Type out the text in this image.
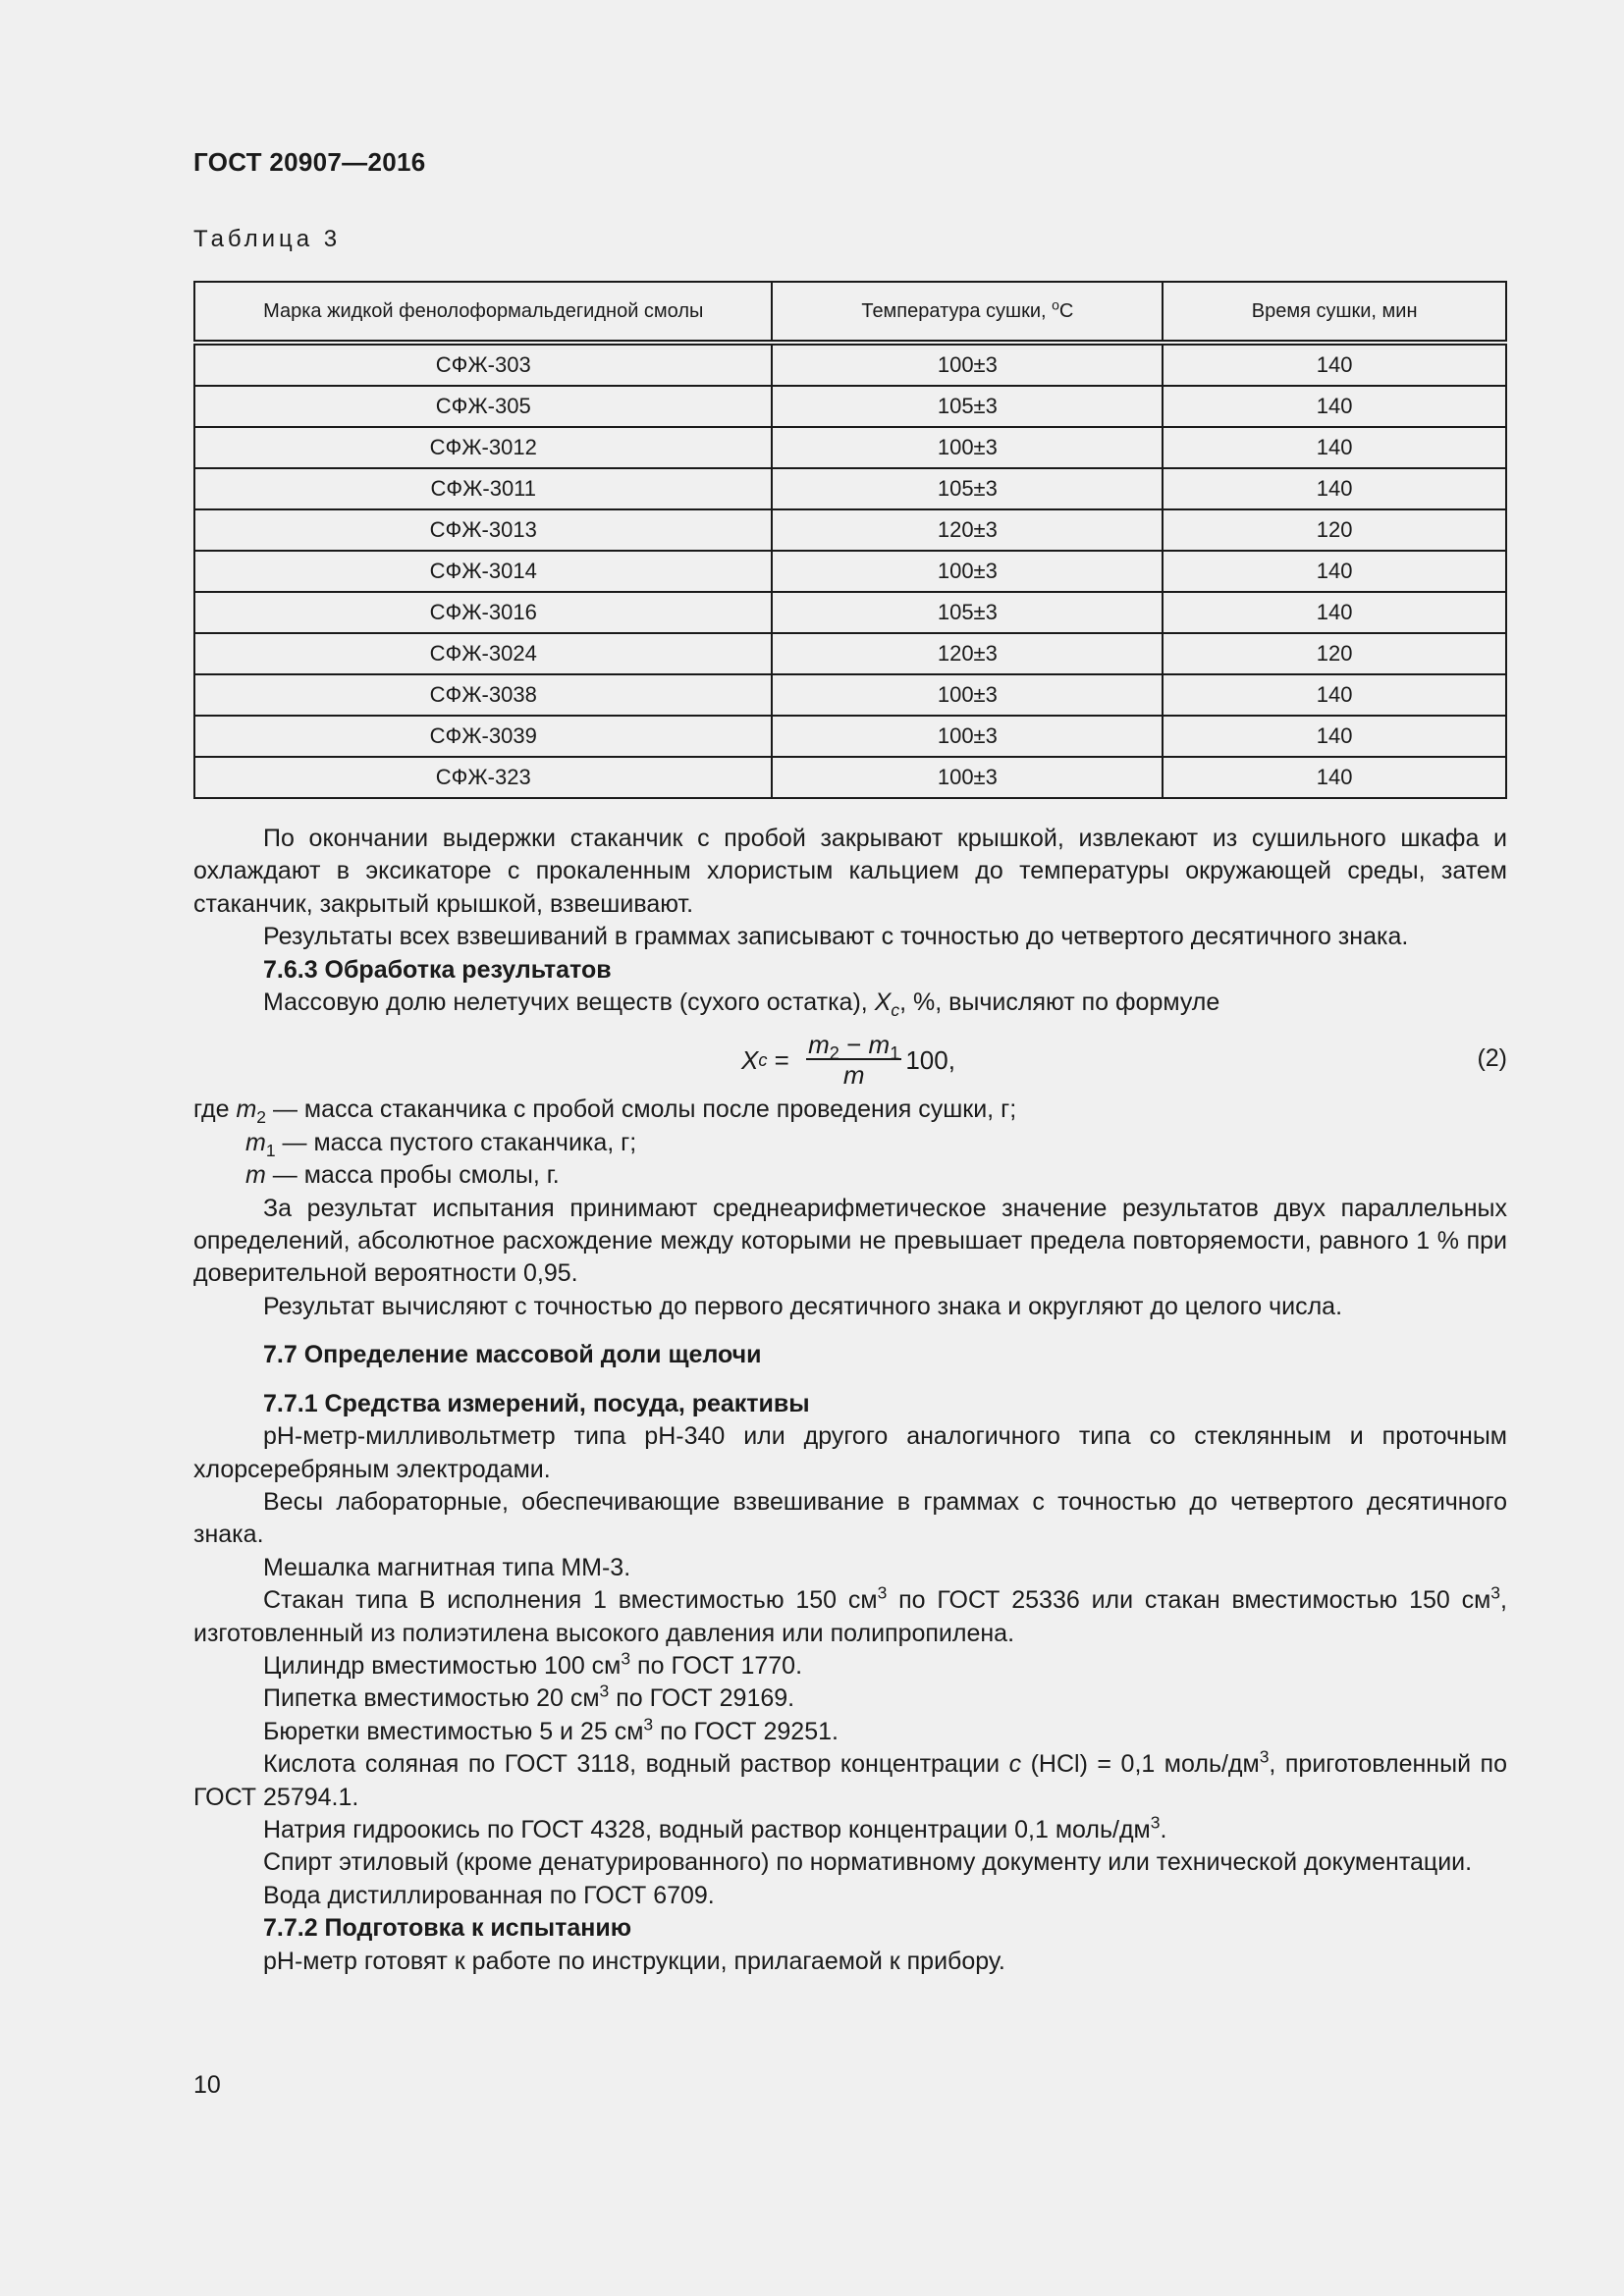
ГОСТ 20907—2016
Таблица 3
Марка жидкой фенолоформальдегидной смолы	Температура сушки, $^о$С	Время сушки, мин
СФЖ-303	100±3	140
СФЖ-305	105±3	140
СФЖ-3012	100±3	140
СФЖ-3011	105±3	140
СФЖ-3013	120±3	120
СФЖ-3014	100±3	140
СФЖ-3016	105±3	140
СФЖ-3024	120±3	120
СФЖ-3038	100±3	140
СФЖ-3039	100±3	140
СФЖ-323	100±3	140

По окончании выдержки стаканчик с пробой закрывают крышкой, извлекают из сушильного шкафа и охлаждают в эксикаторе с прокаленным хлористым кальцием до температуры окружающей среды, затем стаканчик, закрытый крышкой, взвешивают.

Результаты всех взвешиваний в граммах записывают с точностью до четвертого десятичного знака.

7.6.3 Обработка результатов

Массовую долю нелетучих веществ (сухого остатка), $X_c$, %, вычисляют по формуле

X $c = \frac{m_2 - m_1}{m} 100$,	(2)

где $m_2$ — масса стаканчика с пробой смолы после проведения сушки, г;

$m_1$ — масса пустого стаканчика, г;

m — масса пробы смолы, г.

За результат испытания принимают среднеарифметическое значение результатов двух параллельных определений, абсолютное расхождение между которыми не превышает предела повторяемости, равного 1 % при доверительной вероятности 0,95.

Результат вычисляют с точностью до первого десятичного знака и округляют до целого числа.

7.7 Определение массовой доли щелочи

7.7.1 Средства измерений, посуда, реактивы

рН-метр-милливольтметр типа рН-340 или другого аналогичного типа со стеклянным и проточным хлорсеребряным электродами.

Весы лабораторные, обеспечивающие взвешивание в граммах с точностью до четвертого десятичного знака.

Мешалка магнитная типа ММ-3.

Стакан типа В исполнения 1 вместимостью 150 $см^3$ по ГОСТ 25336 или стакан вместимостью 150 $см^3$, изготовленный из полиэтилена высокого давления или полипропилена.

Цилиндр вместимостью 100 $см^3$ по ГОСТ 1770.

Пипетка вместимостью 20 $см^3$ по ГОСТ 29169.

Бюретки вместимостью 5 и 25 $см^3$ по ГОСТ 29251.

Кислота соляная по ГОСТ 3118, водный раствор концентрации c (HCl) = 0,1 моль/$дм^3$, приготовленный по ГОСТ 25794.1.

Натрия гидроокись по ГОСТ 4328, водный раствор концентрации 0,1 моль/$дм^3$.

Спирт этиловый (кроме денатурированного) по нормативному документу или технической документации.

Вода дистиллированная по ГОСТ 6709.

7.7.2 Подготовка к испытанию

рН-метр готовят к работе по инструкции, прилагаемой к прибору.

10
